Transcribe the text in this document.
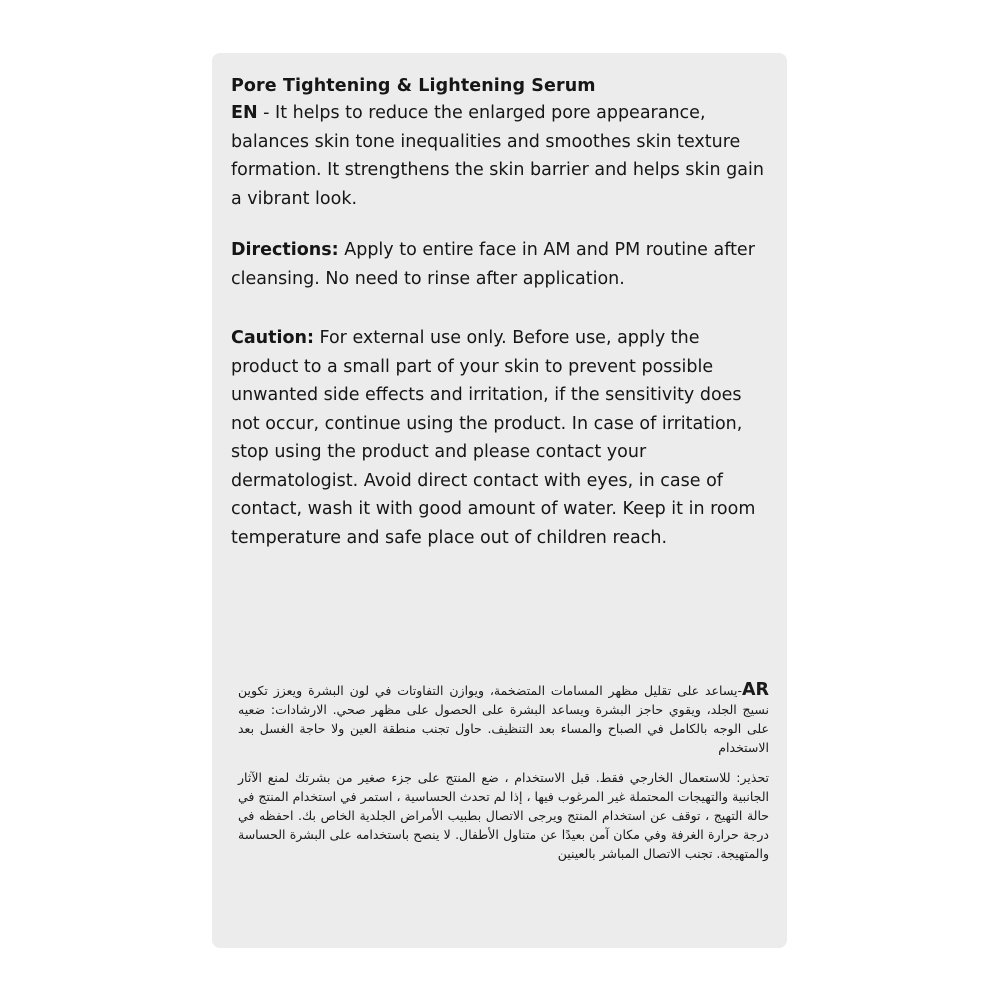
Pore Tightening & Lightening Serum

EN - It helps to reduce the enlarged pore appearance, balances skin tone inequalities and smoothes skin texture formation. It strengthens the skin barrier and helps skin gain a vibrant look.

Directions: Apply to entire face in AM and PM routine after cleansing. No need to rinse after application.

Caution: For external use only. Before use, apply the product to a small part of your skin to prevent possible unwanted side effects and irritation, if the sensitivity does not occur, continue using the product. In case of irritation, stop using the product and please contact your dermatologist. Avoid direct contact with eyes, in case of contact, wash it with good amount of water. Keep it in room temperature and safe place out of children reach.

AR-يساعد على تقليل مظهر المسامات المتضخمة، ويوازن التفاوتات في لون البشرة ويعزز تكوين نسيج الجلد، ويقوي حاجز البشرة ويساعد البشرة على الحصول على مظهر صحي. الارشادات: ضعيه على الوجه بالكامل في الصباح والمساء بعد التنظيف. حاول تجنب منطقة العين ولا حاجة الغسل بعد الاستخدام

تحذير: للاستعمال الخارجي فقط. قبل الاستخدام ، ضع المنتج على جزء صغير من بشرتك لمنع الآثار الجانبية والتهيجات المحتملة غير المرغوب فيها ، إذا لم تحدث الحساسية ، استمر في استخدام المنتج في حالة التهيج ، توقف عن استخدام المنتج ويرجى الاتصال بطبيب الأمراض الجلدية الخاص بك. احفظه في درجة حرارة الغرفة وفي مكان آمن بعيدًا عن متناول الأطفال. لا ينصح باستخدامه على البشرة الحساسة والمتهيجة. تجنب الاتصال المباشر بالعينين
